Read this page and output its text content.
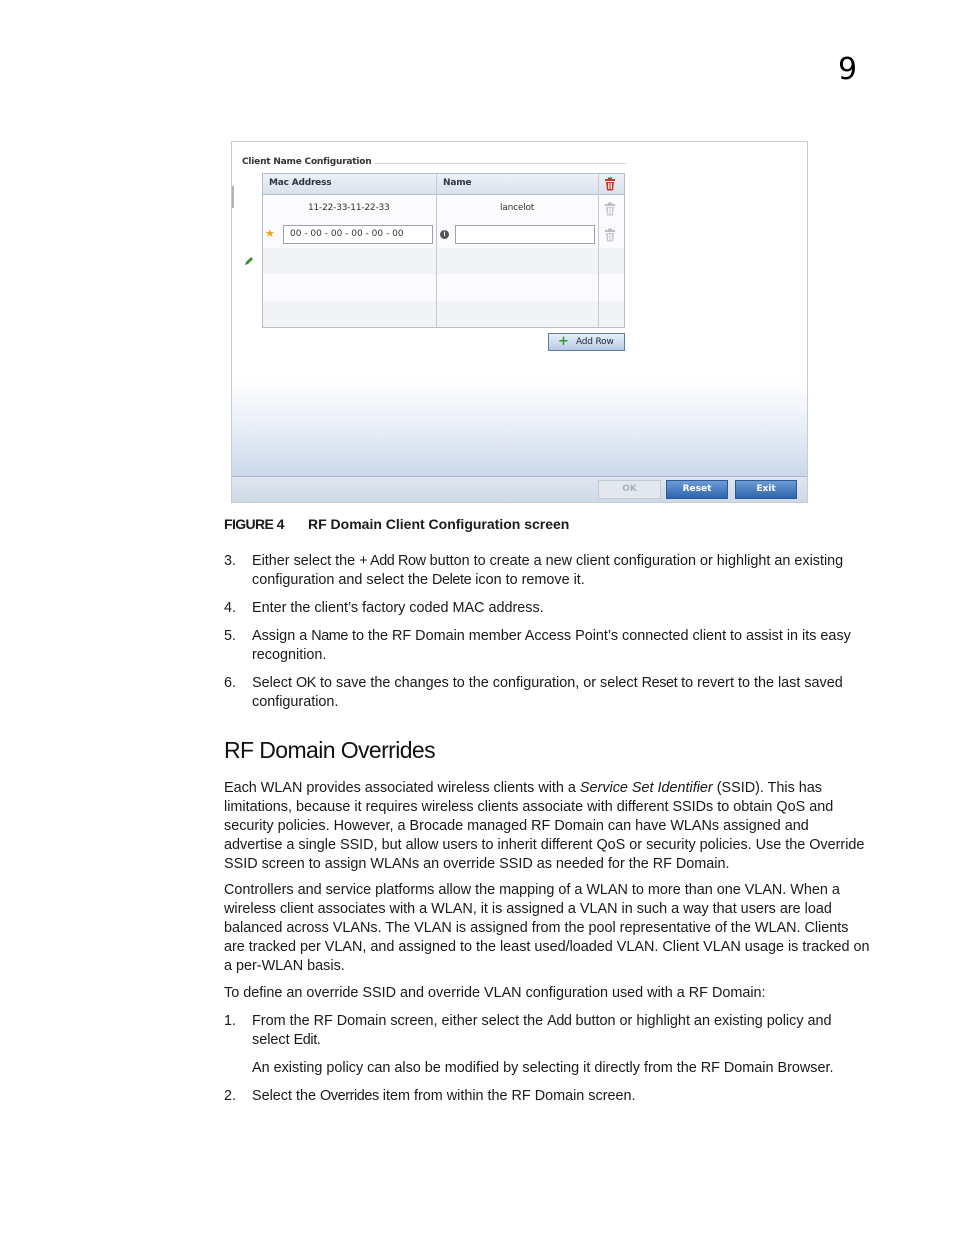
9
Client Name Configuration
Mac Address	Name
11-22-33-11-22-33	lancelot
★	00 - 00 - 00 - 00 - 00 - 00	i
+ Add Row
OK	Reset	Exit
FIGURE 4 RF Domain Client Configuration screen
3. Either select the + Add Row button to create a new client configuration or highlight an existing configuration and select the Delete icon to remove it.
4. Enter the client’s factory coded MAC address.
5. Assign a Name to the RF Domain member Access Point’s connected client to assist in its easy recognition.
6. Select OK to save the changes to the configuration, or select Reset to revert to the last saved configuration.
RF Domain Overrides
Each WLAN provides associated wireless clients with a Service Set Identifier (SSID). This has limitations, because it requires wireless clients associate with different SSIDs to obtain QoS and security policies. However, a Brocade managed RF Domain can have WLANs assigned and advertise a single SSID, but allow users to inherit different QoS or security policies. Use the Override SSID screen to assign WLANs an override SSID as needed for the RF Domain.
Controllers and service platforms allow the mapping of a WLAN to more than one VLAN. When a wireless client associates with a WLAN, it is assigned a VLAN in such a way that users are load balanced across VLANs. The VLAN is assigned from the pool representative of the WLAN. Clients are tracked per VLAN, and assigned to the least used/loaded VLAN. Client VLAN usage is tracked on a per-WLAN basis.
To define an override SSID and override VLAN configuration used with a RF Domain:
1. From the RF Domain screen, either select the Add button or highlight an existing policy and select Edit.
An existing policy can also be modified by selecting it directly from the RF Domain Browser.
2. Select the Overrides item from within the RF Domain screen.
